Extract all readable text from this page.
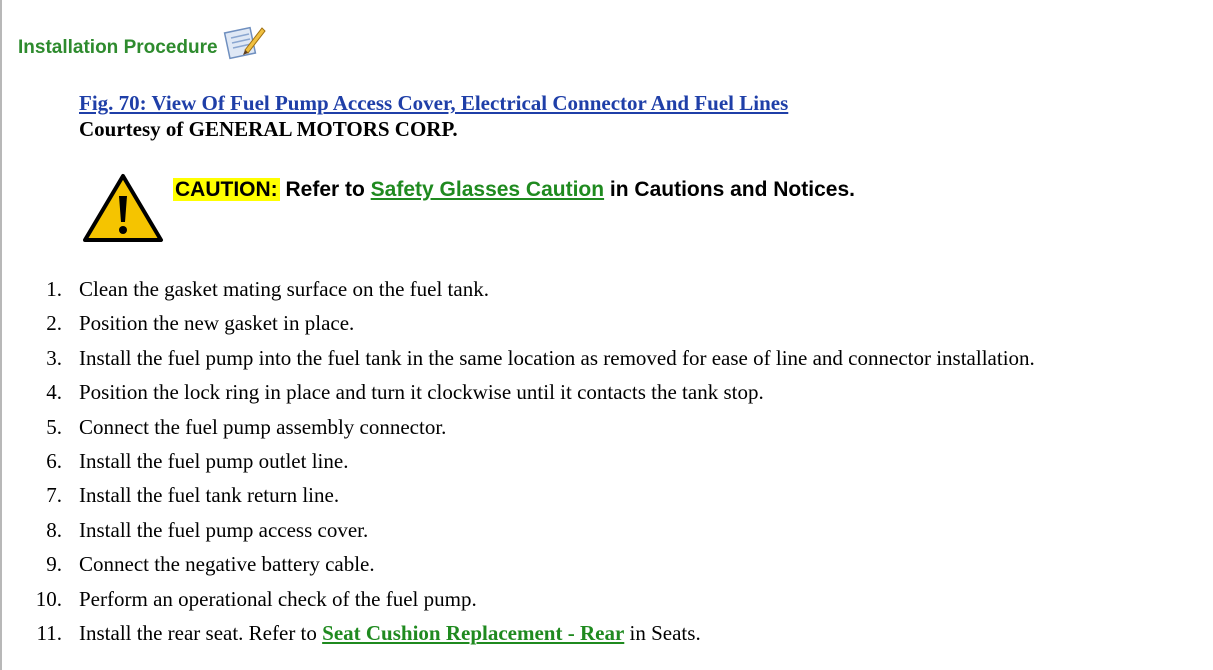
Installation Procedure
Fig. 70: View Of Fuel Pump Access Cover, Electrical Connector And Fuel Lines
Courtesy of GENERAL MOTORS CORP.
CAUTION: Refer to Safety Glasses Caution in Cautions and Notices.
1. Clean the gasket mating surface on the fuel tank.
2. Position the new gasket in place.
3. Install the fuel pump into the fuel tank in the same location as removed for ease of line and connector installation.
4. Position the lock ring in place and turn it clockwise until it contacts the tank stop.
5. Connect the fuel pump assembly connector.
6. Install the fuel pump outlet line.
7. Install the fuel tank return line.
8. Install the fuel pump access cover.
9. Connect the negative battery cable.
10. Perform an operational check of the fuel pump.
11. Install the rear seat. Refer to Seat Cushion Replacement - Rear in Seats.
